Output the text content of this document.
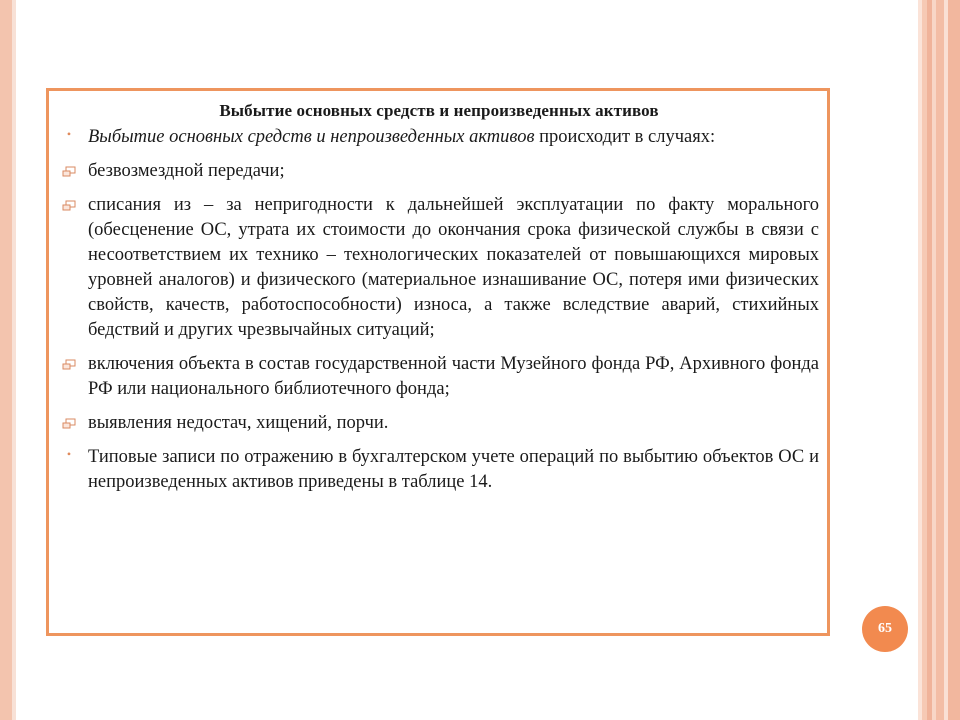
Выбытие основных средств и непроизведенных активов
• Выбытие основных средств и непроизведенных активов происходит в случаях:
безвозмездной передачи;
списания из – за непригодности к дальнейшей эксплуатации по факту морального (обесценение ОС, утрата их стоимости до окончания срока физической службы в связи с несоответствием их технико – технологических показателей от повышающихся мировых уровней аналогов) и физического (материальное изнашивание ОС, потеря ими физических свойств, качеств, работоспособности) износа, а также вследствие аварий, стихийных бедствий и других чрезвычайных ситуаций;
включения объекта в состав государственной части Музейного фонда РФ, Архивного фонда РФ или национального библиотечного фонда;
выявления недостач, хищений, порчи.
• Типовые записи по отражению в бухгалтерском учете операций по выбытию объектов ОС и непроизведенных активов приведены в таблице 14.
65
